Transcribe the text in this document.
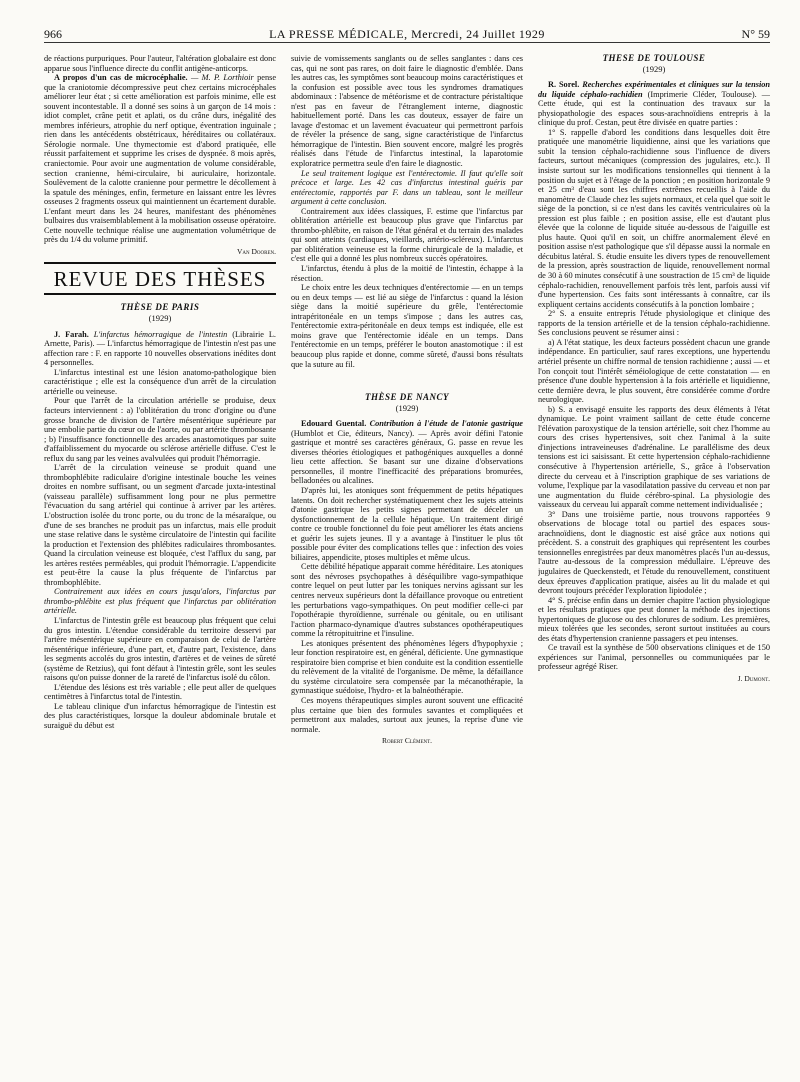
966	LA PRESSE MÉDICALE, Mercredi, 24 Juillet 1929	N° 59

de réactions purpuriques. Pour l'auteur, l'altération globalaire est donc apparue sous l'influence directe du conflit antigène-anticorps.

A propos d'un cas de microcéphalie. — M. P. Lorthioir pense que la craniotomie décompressive peut chez certains microcéphales améliorer leur état ; si cette amélioration est parfois minime, elle est souvent incontestable. Il a donné ses soins à un garçon de 14 mois : idiot complet, crâne petit et aplati, os du crâne durs, inégalité des membres inférieurs, atrophie du nerf optique, éventration inguinale ; rien dans les antécédents obstétricaux, héréditaires ou collatéraux. Sérologie normale. Une thymectomie est d'abord pratiquée, elle réussit parfaitement et supprime les crises de dyspnée. 8 mois après, craniectomie. Pour avoir une augmentation de volume considérable, section cranienne, hémi-circulaire, bi auriculaire, horizontale. Soulèvement de la calotte cranienne pour permettre le décollement à la spatule des méninges, enfin, fermeture en laissant entre les lèvres osseuses 2 fragments osseux qui maintiennent un écartement durable. L'enfant meurt dans les 24 heures, manifestant des phénomènes bulbaires dus vraisemblablement à la mobilisation osseuse opératoire. Cette nouvelle technique réalise une augmentation volumétrique de près du 1/4 du volume primitif.

Van Dooren.
REVUE DES THÈSES
THÈSE DE PARIS
(1929)

J. Farah. L'infarctus hémorragique de l'intestin (Librairie L. Arnette, Paris). — L'infarctus hémorragique de l'intestin n'est pas une affection rare : F. en rapporte 10 nouvelles observations inédites dont 4 personnelles.

L'infarctus intestinal est une lésion anatomo-pathologique bien caractéristique ; elle est la conséquence d'un arrêt de la circulation artérielle ou veineuse.

Pour que l'arrêt de la circulation artérielle se produise, deux facteurs interviennent : a) l'oblitération du tronc d'origine ou d'une grosse branche de division de l'artère mésentérique supérieure par une embolie partie du cœur ou de l'aorte, ou par artérite thrombosante ; b) l'insuffisance fonctionnelle des arcades anastomotiques par suite d'affaiblissement du myocarde ou sclérose artérielle diffuse. C'est le reflux du sang par les veines avalvulées qui produit l'hémorragie.

L'arrêt de la circulation veineuse se produit quand une thrombophlébite radiculaire d'origine intestinale bouche les veines droites en nombre suffisant, ou un segment d'arcade juxta-intestinal (vaisseau parallèle) suffisamment long pour ne plus permettre l'évacuation du sang artériel qui continue à arriver par les artères. L'obstruction isolée du tronc porte, ou du tronc de la mésaraïque, ou d'une de ses branches ne produit pas un infarctus, mais elle produit une stase relative dans le système circulatoire de l'intestin qui facilite la production et l'extension des phlébites radiculaires thrombosantes. Quand la circulation veineuse est bloquée, c'est l'afflux du sang, par les artères restées perméables, qui produit l'hémorragie. L'appendicite est peut-être la cause la plus fréquente de l'infarctus par thrombophlébite.

Contrairement aux idées en cours jusqu'alors, l'infarctus par thrombo-phlébite est plus fréquent que l'infarctus par oblitération artérielle.

L'infarctus de l'intestin grêle est beaucoup plus fréquent que celui du gros intestin. L'étendue considérable du territoire desservi par l'artère mésentérique supérieure en comparaison de celui de l'artère mésentérique inférieure, d'une part, et, d'autre part, l'existence, dans les segments accolés du gros intestin, d'artères et de veines de sûreté (système de Retzius), qui font défaut à l'intestin grêle, sont les seules raisons qu'on puisse donner de la rareté de l'infarctus isolé du côlon.

L'étendue des lésions est très variable ; elle peut aller de quelques centimètres à l'infarctus total de l'intestin.

Le tableau clinique d'un infarctus hémorragique de l'intestin est des plus caractéristiques, lorsque la douleur abdominale brutale et suraiguë du début est

suivie de vomissements sanglants ou de selles sanglantes : dans ces cas, qui ne sont pas rares, on doit faire le diagnostic d'emblée. Dans les autres cas, les symptômes sont beaucoup moins caractéristiques et la confusion est possible avec tous les syndromes dramatiques abdominaux : l'absence de météorisme et de contracture péristaltique n'est pas en faveur de l'étranglement interne, diagnostic habituellement porté. Dans les cas douteux, essayer de faire un lavage d'estomac et un lavement évacuateur qui permettront parfois de révéler la présence de sang, signe caractéristique de l'infarctus hémorragique de l'intestin. Bien souvent encore, malgré les progrès réalisés dans l'étude de l'infarctus intestinal, la laparotomie exploratrice permettra seule d'en faire le diagnostic.

Le seul traitement logique est l'entérectomie. Il faut qu'elle soit précoce et large. Les 42 cas d'infarctus intestinal guéris par entérectomie, rapportés par F. dans un tableau, sont le meilleur argument à cette conclusion.

Contrairement aux idées classiques, F. estime que l'infarctus par oblitération artérielle est beaucoup plus grave que l'infarctus par thrombo-phlébite, en raison de l'état général et du terrain des malades qui sont atteints (cardiaques, vieillards, artério-scléreux). L'infarctus par oblitération veineuse est la forme chirurgicale de la maladie, et c'est elle qui a donné les plus nombreux succès opératoires.

L'infarctus, étendu à plus de la moitié de l'intestin, échappe à la résection.

Le choix entre les deux techniques d'entérectomie — en un temps ou en deux temps — est lié au siège de l'infarctus : quand la lésion siège dans la moitié supérieure du grêle, l'entérectomie intrapéritonéale en un temps s'impose ; dans les autres cas, l'entérectomie extra-péritonéale en deux temps est indiquée, elle est moins grave que l'entérectomie idéale en un temps. Dans l'entérectomie en un temps, préférer le bouton anastomotique : il est beaucoup plus rapide et donne, comme sûreté, d'aussi bons résultats que la suture au fil.

THÈSE DE NANCY
(1929)

Edouard Guental. Contribution à l'étude de l'atonie gastrique (Humblot et Cie, éditeurs, Nancy). — Après avoir défini l'atonie gastrique et montré ses caractères généraux, G. passe en revue les diverses théories étiologiques et pathogéniques auxquelles a donné lieu cette affection. Se basant sur une dizaine d'observations personnelles, il montre l'inefficacité des préparations bromurées, belladonées ou alcalines.

D'après lui, les atoniques sont fréquemment de petits hépatiques latents. On doit rechercher systématiquement chez les sujets atteints d'atonie gastrique les petits signes permettant de déceler un dysfonctionnement de la cellule hépatique. Un traitement dirigé contre ce trouble fonctionnel du foie peut améliorer les états anciens et guérir les sujets jeunes. Il y a avantage à l'instituer le plus tôt possible pour éviter des complications telles que : infection des voies biliaires, appendicite, ptoses multiples et même ulcus.

Cette débilité hépatique apparait comme héréditaire. Les atoniques sont des névroses psychopathes à déséquilibre vago-sympathique contre lequel on peut lutter par les toniques nervins agissant sur les centres nerveux supérieurs dont la défaillance provoque ou entretient les perturbations vago-sympathiques. On peut modifier celle-ci par l'opothérapie thyroïdienne, surrénale ou génitale, ou en utilisant l'action pharmaco-dynamique d'autres substances opothérapeutiques comme la rétropituitrine et l'insuline.

Les atoniques présentent des phénomènes légers d'hypophyxie ; leur fonction respiratoire est, en général, déficiente. Une gymnastique respiratoire bien comprise et bien conduite est la condition essentielle du relèvement de la vitalité de l'organisme. De même, la défaillance du système circulatoire sera compensée par la mécanothérapie, la gymnastique suédoise, l'hydro- et la balnéothérapie.

Ces moyens thérapeutiques simples auront souvent une efficacité plus certaine que bien des formules savantes et compliquées et permettront aux malades, surtout aux jeunes, la reprise d'une vie normale.

Robert Clément.
THÈSE DE TOULOUSE
(1929)

R. Sorel. Recherches expérimentales et cliniques sur la tension du liquide céphalo-rachidien (Imprimerie Cléder, Toulouse). — Cette étude, qui est la continuation des travaux sur la physiopathologie des espaces sous-arachnoïdiens entrepris à la clinique du prof. Cestan, peut être divisée en quatre parties :

1° S. rappelle d'abord les conditions dans lesquelles doit être pratiquée une manométrie liquidienne, ainsi que les variations que subit la tension céphalo-rachidienne sous l'influence de divers facteurs, surtout mécaniques (compression des jugulaires, etc.). Il insiste surtout sur les modifications tensionnelles qui tiennent à la position du sujet et à l'étage de la ponction ; en position horizontale 9 et 25 cm³ d'eau sont les chiffres extrêmes recueillis à l'aide du manomètre de Claude chez les sujets normaux, et cela quel que soit le siège de la ponction, si ce n'est dans les cavités ventriculaires où la pression est plus faible ; en position assise, elle est d'autant plus élevée que la colonne de liquide située au-dessous de l'aiguille est plus haute. Quoi qu'il en soit, un chiffre anormalement élevé en position assise n'est pathologique que s'il dépasse aussi la normale en décubitus latéral. S. étudie ensuite les divers types de renouvellement de la pression, après soustraction de liquide, renouvellement normal de 30 à 60 minutes consécutif à une soustraction de 15 cm³ de liquide céphalo-rachidien, renouvellement parfois très lent, parfois aussi vif d'une hypertension. Ces faits sont intéressants à connaître, car ils expliquent certains accidents consécutifs à la ponction lombaire ;

2° S. a ensuite entrepris l'étude physiologique et clinique des rapports de la tension artérielle et de la tension céphalo-rachidienne. Ses conclusions peuvent se résumer ainsi :

a) A l'état statique, les deux facteurs possèdent chacun une grande indépendance. En particulier, sauf rares exceptions, une hypertendu artériel présente un chiffre normal de tension rachidienne ; aussi — et l'on conçoit tout l'intérêt séméiologique de cette constatation — en présence d'une double hypertension à la fois artérielle et liquidienne, cette dernière devra, le plus souvent, être considérée comme d'ordre neurologique.

b) S. a envisagé ensuite les rapports des deux éléments à l'état dynamique. Le point vraiment saillant de cette étude concerne l'élévation paroxystique de la tension artérielle, soit chez l'homme au cours des crises hypertensives, soit chez l'animal à la suite d'injections intraveineuses d'adrénaline. Le parallélisme des deux tensions est ici saisissant. Et cette hypertension céphalo-rachidienne consécutive à l'hypertension artérielle, S., grâce à l'observation directe du cerveau et à l'inscription graphique de ses variations de volume, l'explique par la vasodilatation passive du cerveau et non par une augmentation du fluide cérébro-spinal. La physiologie des vaisseaux du cerveau lui apparaît comme nettement individualisée ;

3° Dans une troisième partie, nous trouvons rapportées 9 observations de blocage total ou partiel des espaces sous-arachnoïdiens, dont le diagnostic est aisé grâce aux notions qui précèdent. S. a construit des graphiques qui représentent les courbes tensionnelles enregistrées par deux manomètres placés l'un au-dessus, l'autre au-dessous de la compression médullaire. L'épreuve des jugulaires de Queckenstedt, et l'étude du renouvellement, constituent deux épreuves d'application pratique, aisées au lit du malade et qui devront toujours précéder l'exploration lipiodolée ;

4° S. précise enfin dans un dernier chapitre l'action physiologique et les résultats pratiques que peut donner la méthode des injections hypertoniques de glucose ou des chlorures de sodium. Les premières, mieux tolérées que les secondes, seront surtout instituées au cours des états d'hypertension cranienne passagers et peu intenses.

Ce travail est la synthèse de 500 observations cliniques et de 150 expériences sur l'animal, personnelles ou communiquées par le professeur agrégé Riser.

J. Dumont.
